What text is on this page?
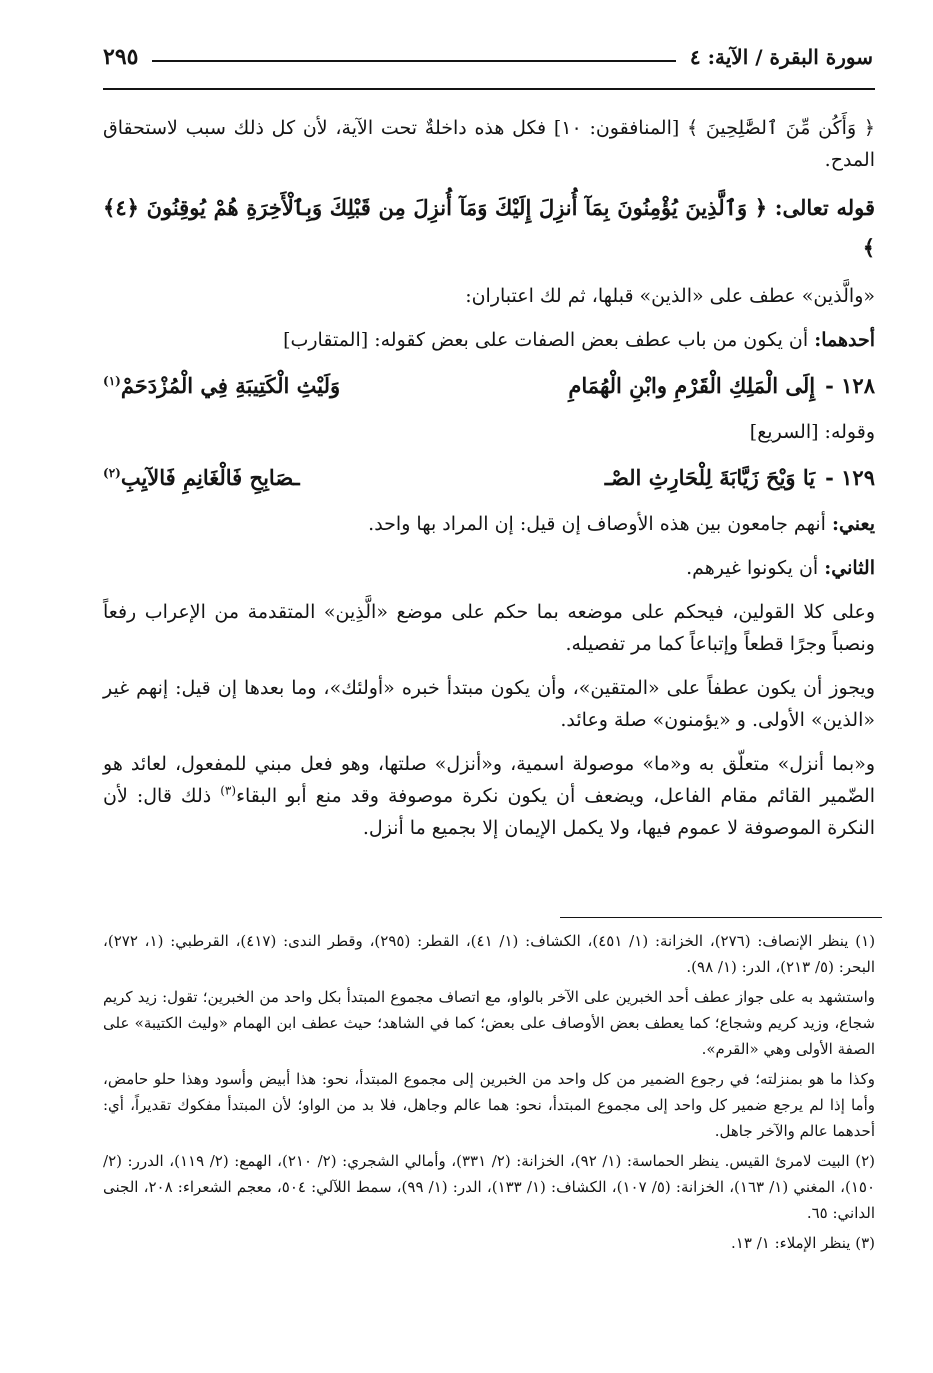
سورة البقرة / الآية: ٤
٢٩٥

﴿ وَأَكُن مِّنَ ٱلصَّٰلِحِينَ ﴾ [المنافقون: ١٠] فكل هذه داخلةٌ تحت الآية، لأن كل ذلك سبب لاستحقاق المدح.

قوله تعالى: ﴿ وَٱلَّذِينَ يُؤْمِنُونَ بِمَآ أُنزِلَ إِلَيْكَ وَمَآ أُنزِلَ مِن قَبْلِكَ وَبِٱلْأَخِرَةِ هُمْ يُوقِنُونَ ﴿٤﴾ ﴾

«والَّذين» عطف على «الذين» قبلها، ثم لك اعتباران:

أحدهما: أن يكون من باب عطف بعض الصفات على بعض كقوله: [المتقارب]

١٢٨ -
إِلَى الْمَلِكِ الْقَرْمِ وابْنِ الْهُمَامِ
وَلَيْثِ الْكَتِيبَةِ فِي الْمُزْدَحَمْ$^{(١)}$

وقوله: [السريع]

١٢٩ -
يَا وَيْحَ زَيَّابَةَ لِلْحَارِثِ الصْـ
ـصَابِحِ فَالْغَانِمِ فَالآيِبِ$^{(٢)}$

يعني: أنهم جامعون بين هذه الأوصاف إن قيل: إن المراد بها واحد.

الثاني: أن يكونوا غيرهم.

وعلى كلا القولين، فيحكم على موضعه بما حكم على موضع «الَّذِين» المتقدمة من الإعراب رفعاً ونصباً وجرًا قطعاً وإتباعاً كما مر تفصيله.

ويجوز أن يكون عطفاً على «المتقين»، وأن يكون مبتدأ خبره «أولئك»، وما بعدها إن قيل: إنهم غير «الذين» الأولى. و «يؤمنون» صلة وعائد.

و«بما أنزل» متعلّق به و«ما» موصولة اسمية، و«أنزل» صلتها، وهو فعل مبني للمفعول، لعائد هو الضّمير القائم مقام الفاعل، ويضعف أن يكون نكرة موصوفة وقد منع أبو البقاء$^{(٣)}$ ذلك قال: لأن النكرة الموصوفة لا عموم فيها، ولا يكمل الإيمان إلا بجميع ما أنزل.

(١) ينظر الإنصاف: (٢٧٦)، الخزانة: (١/ ٤٥١)، الكشاف: (١/ ٤١)، القطر: (٢٩٥)، وقطر الندى: (٤١٧)، القرطبي: (١، ٢٧٢)، البحر: (٥/ ٢١٣)، الدر: (١/ ٩٨).

واستشهد به على جواز عطف أحد الخبرين على الآخر بالواو، مع اتصاف مجموع المبتدأ بكل واحد من الخبرين؛ تقول: زيد كريم شجاع، وزيد كريم وشجاع؛ كما يعطف بعض الأوصاف على بعض؛ كما في الشاهد؛ حيث عطف ابن الهمام «وليث الكتيبة» على الصفة الأولى وهي «القرم».

وكذا ما هو بمنزلته؛ في رجوع الضمير من كل واحد من الخبرين إلى مجموع المبتدأ، نحو: هذا أبيض وأسود وهذا حلو حامض، وأما إذا لم يرجع ضمير كل واحد إلى مجموع المبتدأ، نحو: هما عالم وجاهل، فلا بد من الواو؛ لأن المبتدأ مفكوك تقديراً، أي: أحدهما عالم والآخر جاهل.

(٢) البيت لامرئ القيس. ينظر الحماسة: (١/ ٩٢)، الخزانة: (٢/ ٣٣١)، وأمالي الشجري: (٢/ ٢١٠)، الهمع: (٢/ ١١٩)، الدرر: (٢/ ١٥٠)، المغني (١/ ١٦٣)، الخزانة: (٥/ ١٠٧)، الكشاف: (١/ ١٣٣)، الدر: (١/ ٩٩)، سمط اللآلي: ٥٠٤، معجم الشعراء: ٢٠٨، الجنى الداني: ٦٥.

(٣) ينظر الإملاء: ١/ ١٣.
